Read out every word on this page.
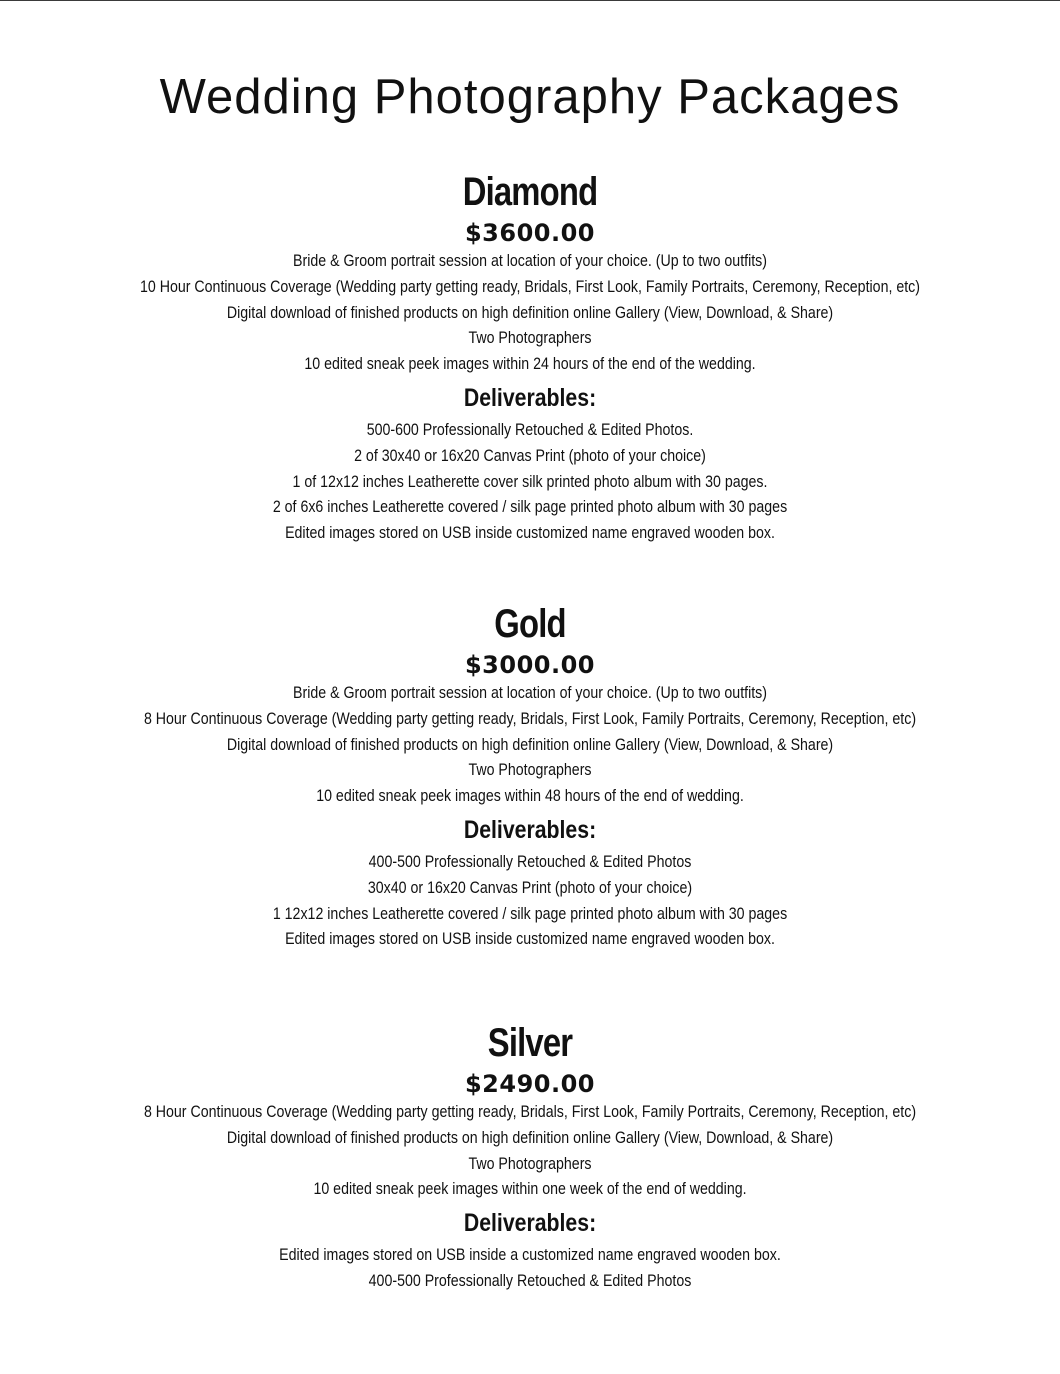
Wedding Photography Packages
Diamond
$3600.00
Bride & Groom portrait session at location of your choice. (Up to two outfits)
10 Hour Continuous Coverage (Wedding party getting ready, Bridals, First Look, Family Portraits, Ceremony, Reception, etc)
Digital download of finished products on high definition online Gallery (View, Download, & Share)
Two Photographers
10 edited sneak peek images within 24 hours of the end of the wedding.
Deliverables:
500-600 Professionally Retouched & Edited Photos.
2 of 30x40 or 16x20 Canvas Print (photo of your choice)
1 of 12x12 inches Leatherette cover silk printed photo album with 30 pages.
2 of 6x6 inches Leatherette covered / silk page printed photo album with 30 pages
Edited images stored on USB inside customized name engraved wooden box.
Gold
$3000.00
Bride & Groom portrait session at location of your choice. (Up to two outfits)
8 Hour Continuous Coverage (Wedding party getting ready, Bridals, First Look, Family Portraits, Ceremony, Reception, etc)
Digital download of finished products on high definition online Gallery (View, Download, & Share)
Two Photographers
10 edited sneak peek images within 48 hours of the end of wedding.
Deliverables:
400-500 Professionally Retouched & Edited Photos
30x40 or 16x20 Canvas Print (photo of your choice)
1 12x12 inches Leatherette covered / silk page printed photo album with 30 pages
Edited images stored on USB inside customized name engraved wooden box.
Silver
$2490.00
8 Hour Continuous Coverage (Wedding party getting ready, Bridals, First Look, Family Portraits, Ceremony, Reception, etc)
Digital download of finished products on high definition online Gallery (View, Download, & Share)
Two Photographers
10 edited sneak peek images within one week of the end of wedding.
Deliverables:
Edited images stored on USB inside a customized name engraved wooden box.
400-500 Professionally Retouched & Edited Photos
